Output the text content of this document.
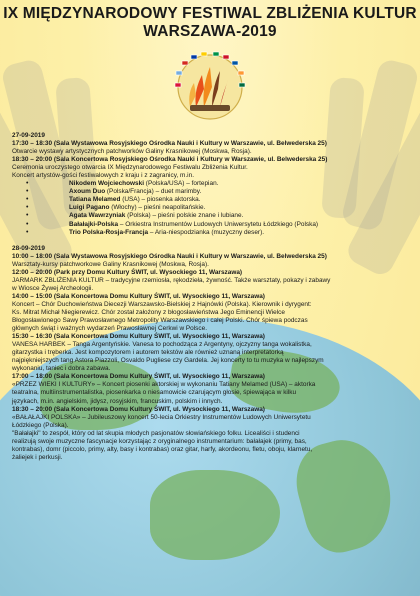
IX MIĘDZYNARODOWY FESTIWAL ZBLIŻENIA KULTUR

WARSZAWA-2019

27-09-2019

17:30 – 18:30 (Sala Wystawowa Rosyjskiego Ośrodka Nauki i Kultury w Warszawie, ul. Belwederska 25)

Otwarcie wystawy artystycznych patchworków Galiny Krasnikowej (Moskwa, Rosja).

18:30 – 20:00 (Sala Koncertowa Rosyjskiego Ośrodka Nauki i Kultury w Warszawie, ul. Belwederska 25)

Ceremonia uroczystego otwarcia IX Międzynarodowego Festiwalu Zbliżenia Kultur.

Koncert artystów-gości festiwalowych z kraju i z zagranicy, m.in.

• Nikodem Wojciechowski (Polska/USA) – fortepian.
• Axoum Duo (Polska/Francja) – duet marimby.
• Tatiana Melamed (USA) – piosenka aktorska.
• Luigi Pagano (Włochy) – pieśni neapolitańskie.
• Agata Wawrzyniak (Polska) – pieśni polskie znane i lubiane.
• Bałałajki-Polska – Orkiestra Instrumentów Ludowych Uniwersytetu Łódzkiego (Polska)
• Trio Polska-Rosja-Francja – Aria-niespodzianka (muzyczny deser).

28-09-2019

10:00 – 18:00 (Sala Wystawowa Rosyjskiego Ośrodka Nauki i Kultury w Warszawie, ul. Belwederska 25)

Warsztaty-kursy patchworkowe Galiny Krasnikowej (Moskwa, Rosja).

12:00 – 20:00 (Park przy Domu Kultury ŚWIT, ul. Wysockiego 11, Warszawa)

JARMARK ZBLIŻENIA KULTUR – tradycyjne rzemiosła, rękodzieła, żywność. Także warsztaty, pokazy i zabawy

w Wiosce Żywej Archeologii.

14:00 – 15:00 (Sala Koncertowa Domu Kultury ŚWIT, ul. Wysockiego 11, Warszawa)

Koncert – Chór Duchowieństwa Diecezji Warszawsko-Bielskiej z Hajnówki (Polska). Kierownik i dyrygent:

Ks. Mitrat Michał Niegierewicz. Chór został założony z błogosławieństwa Jego Eminencji Wielce

Błogosławionego Sawy Prawosławnego Metropolity Warszawskiego i całej Polski. Chór śpiewa podczas

głównych świąt i ważnych wydarzeń Prawosławnej Cerkwi w Polsce.

15:30 – 16:30 (Sala Koncertowa Domu Kultury ŚWIT, ul. Wysockiego 11, Warszawa)

VANESA HARBEK – Tanga Argentyńskie. Vanesa to pochodząca z Argentyny, ojczyzny tanga wokalistka,

gitarzystka i tręberka. Jest kompozytorem i autorem tekstów ale również uznaną interpretatorką

najpiękniejszych tang Astora Piazzoli, Osvaldo Pugliese czy Gardela. Jej koncerty to tu muzyka w najlepszym

wykonaniu, taniec i dobra zabawa.

17:00 – 18:00 (Sala Koncertowa Domu Kultury ŚWIT, ul. Wysockiego 11, Warszawa)

«PRZEZ WIEKI I KULTURY» – Koncert piosenki aktorskiej w wykonaniu Tatiany Melamed (USA) – aktorka

teatralna, multiinstrumentalistka, piosenkarka o niesamowicie czarującym głosie, śpiewająca w kilku

językach, m.in. angielskim, jidysz, rosyjskim, francuskim, polskim i innych.

18:30 – 20:00 (Sala Koncertowa Domu Kultury ŚWIT, ul. Wysockiego 11, Warszawa)

«BAŁAŁAJKI POLSKA» – Jubileuszowy koncert 50-lecia Orkiestry Instrumentów Ludowych Uniwersytetu

Łódzkiego (Polska).

"Bałałajki" to zespół, który od lat skupia młodych pasjonatów słowiańskiego folku. Licealiści i studenci

realizują swoje muzyczne fascynacje korzystając z oryginalnego instrumentarium: bałałajek (primy, bas,

kontrabas), domr (piccolo, primy, alty, basy i kontrabas) oraz gitar, harfy, akordeonu, fletu, oboju, klarnetu,

żaliejek i perkusji.
